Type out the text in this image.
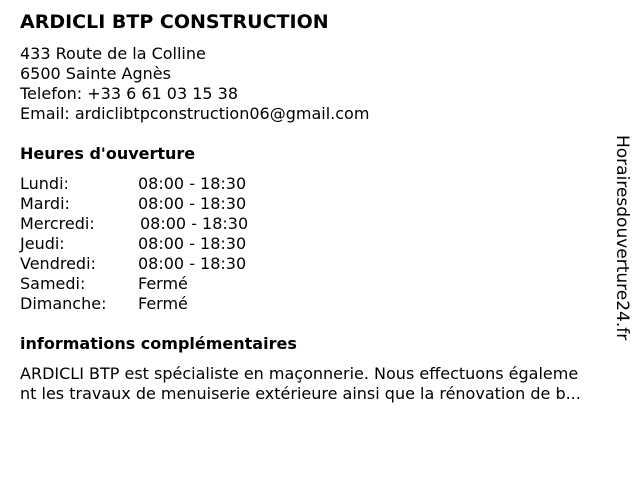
ARDICLI BTP CONSTRUCTION
433 Route de la Colline
6500 Sainte Agnès
Telefon: +33 6 61 03 15 38
Email: ardiclibtpconstruction06@gmail.com
Heures d'ouverture
Lundi:	08:00 - 18:30
Mardi:	08:00 - 18:30
Mercredi:	08:00 - 18:30
Jeudi:	08:00 - 18:30
Vendredi:	08:00 - 18:30
Samedi:	Fermé
Dimanche: Fermé
informations complémentaires
ARDICLI BTP est spécialiste en maçonnerie. Nous effectuons égaleme
nt les travaux de menuiserie extérieure ainsi que la rénovation de b...
Horairesdouverture24.fr
